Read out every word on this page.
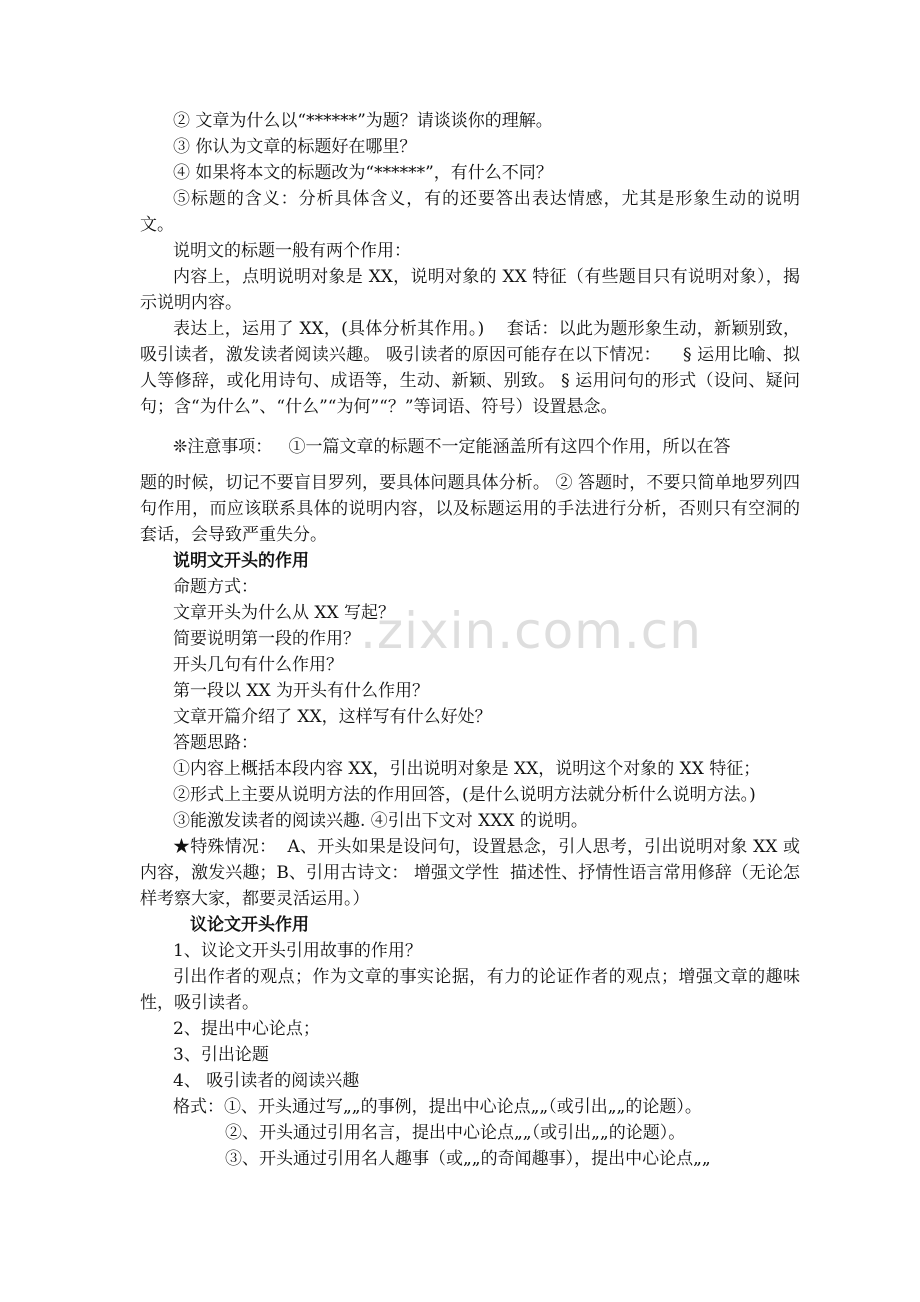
② 文章为什么以“******”为题？请谈谈你的理解。

③ 你认为文章的标题好在哪里？

④ 如果将本文的标题改为“******”，有什么不同？

⑤标题的含义：分析具体含义，有的还要答出表达情感，尤其是形象生动的说明文。

说明文的标题一般有两个作用：

内容上，点明说明对象是 XX，说明对象的 XX 特征（有些题目只有说明对象），揭示说明内容。

表达上，运用了 XX，(具体分析其作用。)    套话：以此为题形象生动，新颖别致，吸引读者，激发读者阅读兴趣。 吸引读者的原因可能存在以下情况：    § 运用比喻、拟人等修辞，或化用诗句、成语等，生动、新颖、别致。 § 运用问句的形式（设问、疑问句；含“为什么”、“什么”“为何”“？”等词语、符号）设置悬念。

❊注意事项：   ①一篇文章的标题不一定能涵盖所有这四个作用，所以在答

题的时候，切记不要盲目罗列，要具体问题具体分析。 ② 答题时，不要只简单地罗列四句作用，而应该联系具体的说明内容，以及标题运用的手法进行分析，否则只有空洞的套话，会导致严重失分。

说明文开头的作用

命题方式：

文章开头为什么从 XX 写起？

简要说明第一段的作用？

开头几句有什么作用？

第一段以 XX 为开头有什么作用？

文章开篇介绍了 XX，这样写有什么好处？

答题思路：

①内容上概括本段内容 XX，引出说明对象是 XX，说明这个对象的 XX 特征；

②形式上主要从说明方法的作用回答，(是什么说明方法就分析什么说明方法。)

③能激发读者的阅读兴趣. ④引出下文对 XXX 的说明。

★特殊情况：  A、开头如果是设问句，设置悬念，引人思考，引出说明对象 XX 或内容，激发兴趣；B、引用古诗文： 增强文学性  描述性、抒情性语言常用修辞（无论怎样考察大家，都要灵活运用。）

议论文开头作用

1、议论文开头引用故事的作用？

引出作者的观点；作为文章的事实论据，有力的论证作者的观点；增强文章的趣味性，吸引读者。

2、提出中心论点；

3、引出论题

4、 吸引读者的阅读兴趣

格式：①、开头通过写„„的事例，提出中心论点„„（或引出„„的论题）。

②、开头通过引用名言，提出中心论点„„（或引出„„的论题）。

③、开头通过引用名人趣事（或„„的奇闻趣事），提出中心论点„„

.zixin.com.cn
